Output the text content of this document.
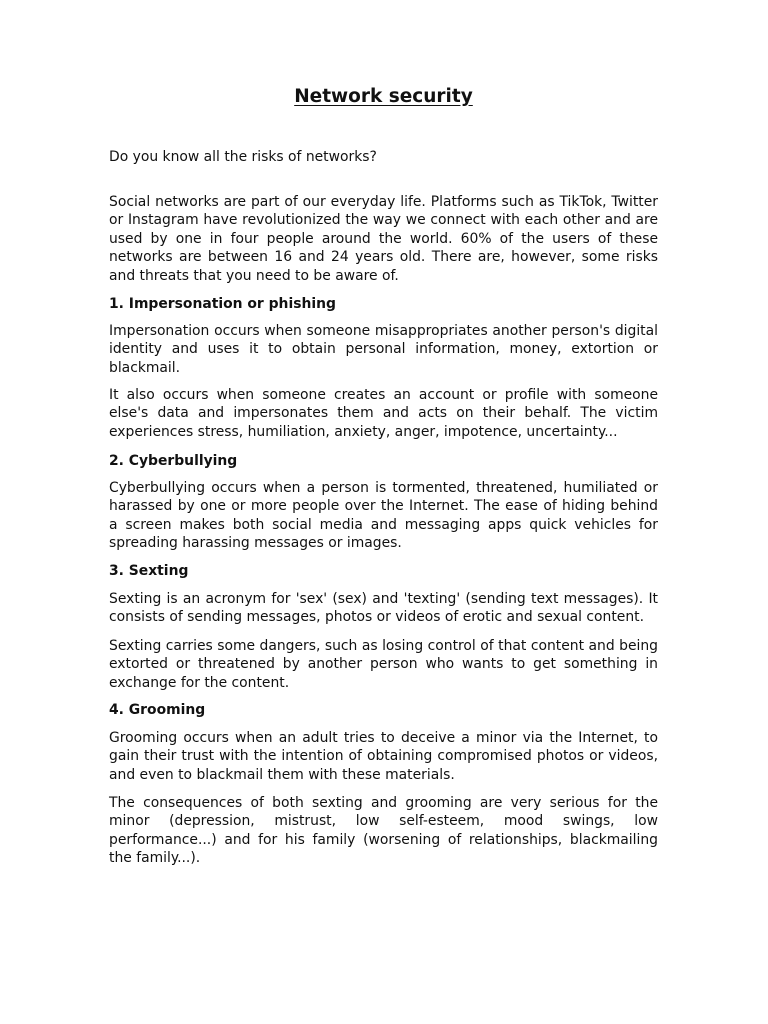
Network security

Do you know all the risks of networks?

Social networks are part of our everyday life. Platforms such as TikTok, Twitter or Instagram have revolutionized the way we connect with each other and are used by one in four people around the world. 60% of the users of these networks are between 16 and 24 years old. There are, however, some risks and threats that you need to be aware of.

1. Impersonation or phishing

Impersonation occurs when someone misappropriates another person's digital identity and uses it to obtain personal information, money, extortion or blackmail.

It also occurs when someone creates an account or profile with someone else's data and impersonates them and acts on their behalf. The victim experiences stress, humiliation, anxiety, anger, impotence, uncertainty...

2. Cyberbullying

Cyberbullying occurs when a person is tormented, threatened, humiliated or harassed by one or more people over the Internet. The ease of hiding behind a screen makes both social media and messaging apps quick vehicles for spreading harassing messages or images.

3. Sexting

Sexting is an acronym for 'sex' (sex) and 'texting' (sending text messages). It consists of sending messages, photos or videos of erotic and sexual content.

Sexting carries some dangers, such as losing control of that content and being extorted or threatened by another person who wants to get something in exchange for the content.

4. Grooming

Grooming occurs when an adult tries to deceive a minor via the Internet, to gain their trust with the intention of obtaining compromised photos or videos, and even to blackmail them with these materials.

The consequences of both sexting and grooming are very serious for the minor (depression, mistrust, low self-esteem, mood swings, low performance...) and for his family (worsening of relationships, blackmailing the family...).
